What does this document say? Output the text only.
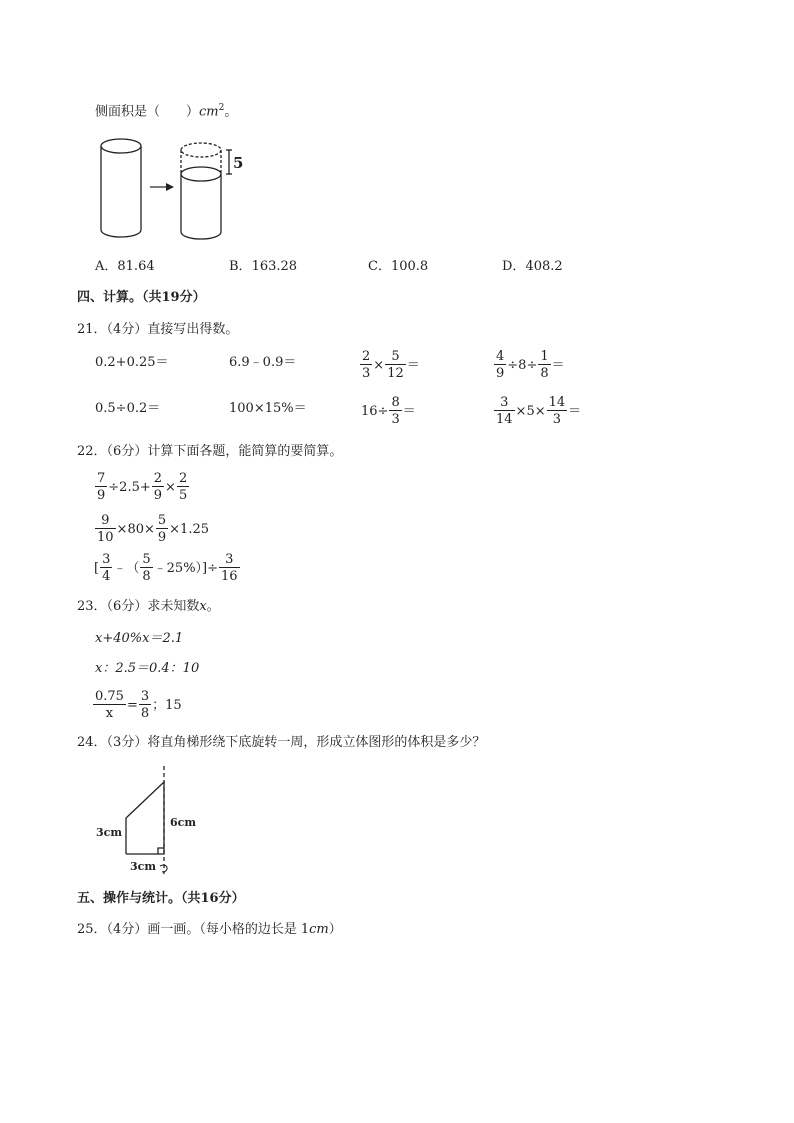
侧面积是（　　）$cm^2$。
5
A．81.64	B．163.28	C．100.8	D．408.2
四、计算。（共19分）
21．（4分）直接写出得数。
0.2+0.25＝	6.9﹣0.9＝	$\frac{2}{3} \times \frac{5}{12}$ ＝	$\frac{4}{9} \div 8\div \frac{1}{8}$ ＝
0.5÷0.2＝	100×15%＝	$16\div \frac{8}{3}$ ＝	$\frac{3}{14} \times 5\times \frac{14}{3}$ ＝
22．（6分）计算下面各题，能简算的要简算。
$\frac{7}{9} \div 2.5+ \frac{2}{9} \times \frac{2}{5}$
$\frac{9}{10} \times 80\times \frac{5}{9} \times 1.25$
[ $\frac{3}{4}$ ﹣（ $\frac{5}{8}$ ﹣25%）]÷ $\frac{3}{16}$
23．（6分）求未知数x。
x+40%x＝2.1
x：2.5＝0.4：10
$\frac{0.75}{x} = \frac{3}{8}$ ；15
24．（3分）将直角梯形绕下底旋转一周，形成立体图形的体积是多少？
3cm
6cm
3cm
五、操作与统计。（共16分）
25．（4分）画一画。（每小格的边长是 1cm）
